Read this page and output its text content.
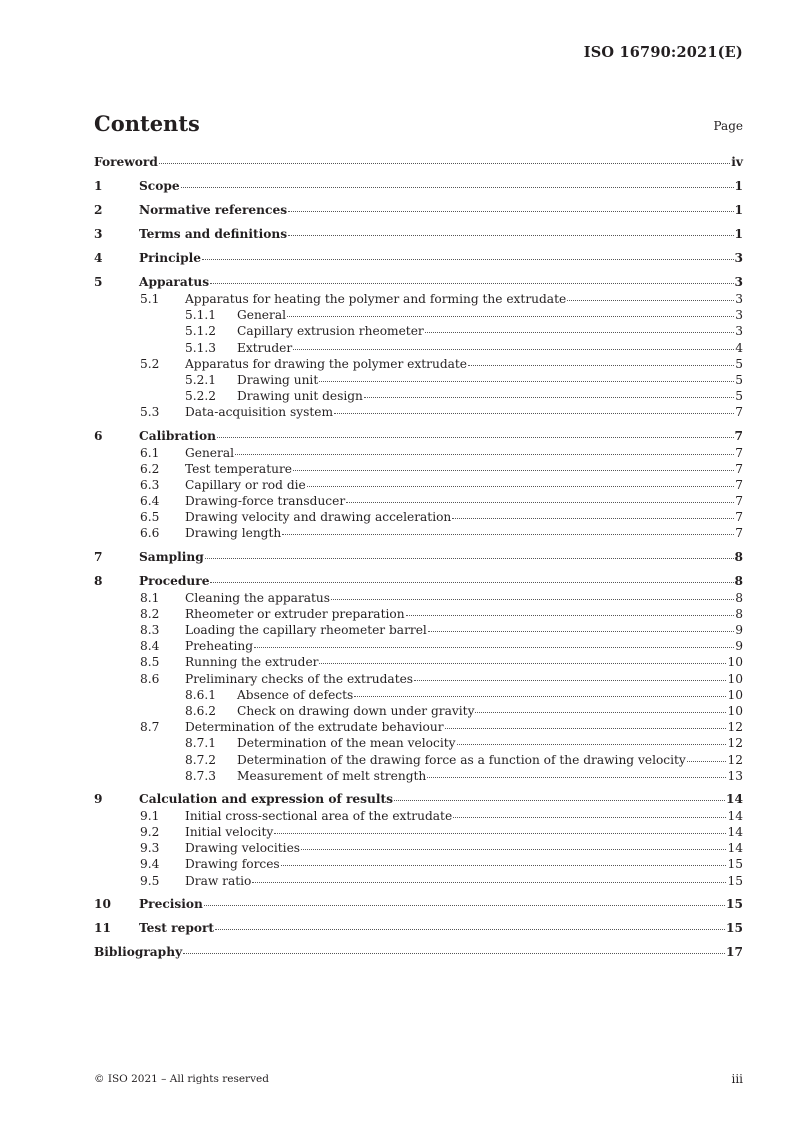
ISO 16790:2021(E)
Contents	Page
Foreword	iv
1	Scope	1
2	Normative references	1
3	Terms and definitions	1
4	Principle	3
5	Apparatus	3
5.1	Apparatus for heating the polymer and forming the extrudate	3
5.1.1	General	3
5.1.2	Capillary extrusion rheometer	3
5.1.3	Extruder	4
5.2	Apparatus for drawing the polymer extrudate	5
5.2.1	Drawing unit	5
5.2.2	Drawing unit design	5
5.3	Data-acquisition system	7
6	Calibration	7
6.1	General	7
6.2	Test temperature	7
6.3	Capillary or rod die	7
6.4	Drawing-force transducer	7
6.5	Drawing velocity and drawing acceleration	7
6.6	Drawing length	7
7	Sampling	8
8	Procedure	8
8.1	Cleaning the apparatus	8
8.2	Rheometer or extruder preparation	8
8.3	Loading the capillary rheometer barrel	9
8.4	Preheating	9
8.5	Running the extruder	10
8.6	Preliminary checks of the extrudates	10
8.6.1	Absence of defects	10
8.6.2	Check on drawing down under gravity	10
8.7	Determination of the extrudate behaviour	12
8.7.1	Determination of the mean velocity	12
8.7.2	Determination of the drawing force as a function of the drawing velocity	12
8.7.3	Measurement of melt strength	13
9	Calculation and expression of results	14
9.1	Initial cross-sectional area of the extrudate	14
9.2	Initial velocity	14
9.3	Drawing velocities	14
9.4	Drawing forces	15
9.5	Draw ratio	15
10	Precision	15
11	Test report	15
Bibliography	17
© ISO 2021 – All rights reserved	iii
